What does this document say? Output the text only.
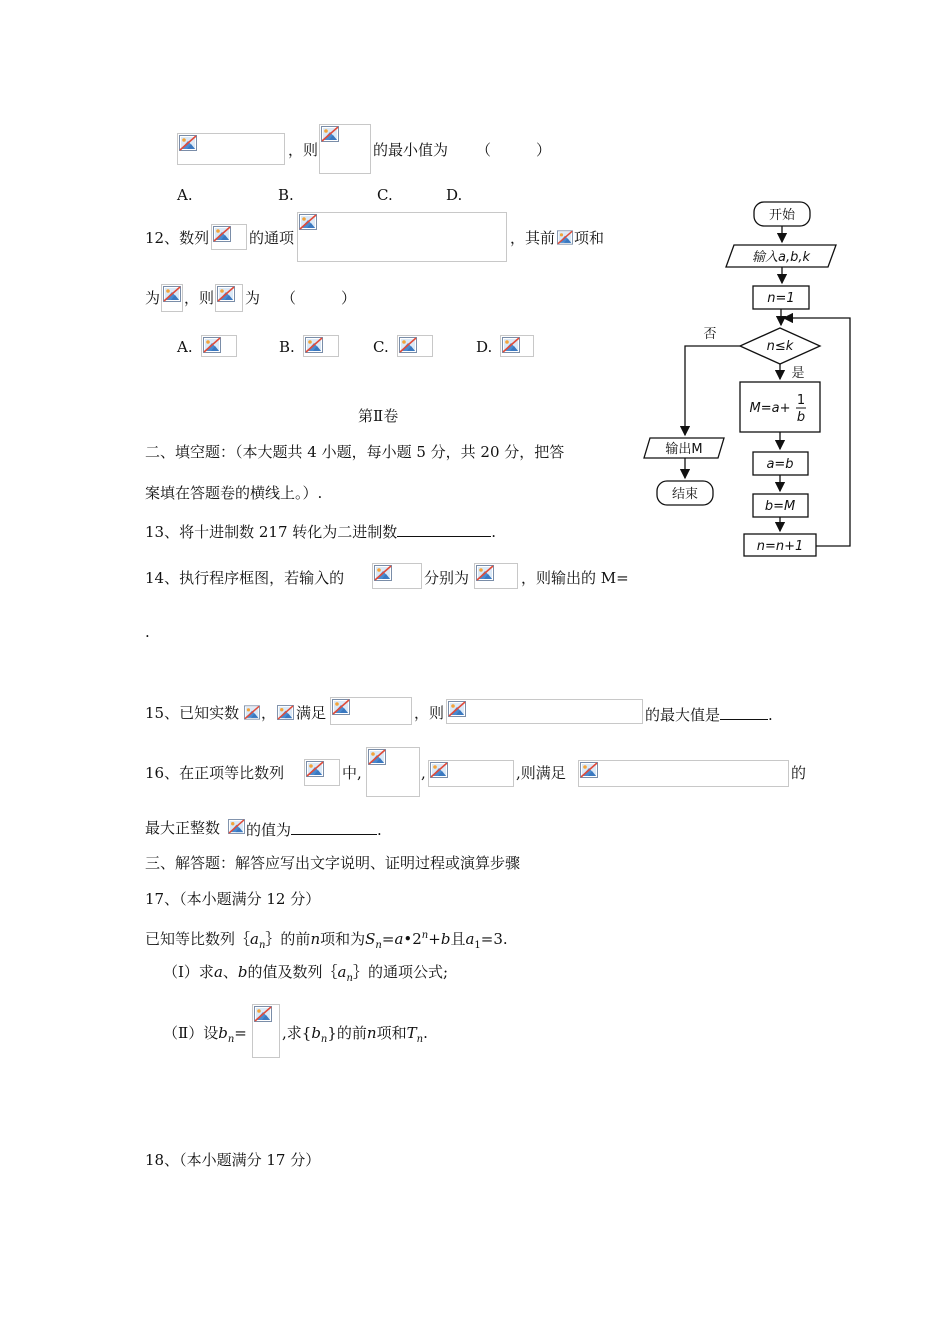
，则	的最小值为 （　　　）
A.	B.	C.	D.
12、数列	的通项	，其前 项和
为 ，则 为 （　　　）
A.	B.	C.	D.
第Ⅱ卷
二、填空题：（本大题共 4 小题，每小题 5 分，共 20 分，把答
案填在答题卷的横线上。）.
13、将十进制数 217 转化为二进制数	.
14、执行程序框图，若输入的	分别为	，则输出的 M=
.
15、已知实数 ， 满足	，则	的最大值是	.
16、在正项等比数列	中,	,	,则满足	的
最大正整数 的值为	.
三、解答题：解答应写出文字说明、证明过程或演算步骤
17、（本小题满分 12 分）
已知等比数列$\{a_n\}$的前n项和为$S_n=a•2^n+b$且$a_1=3$.
（Ⅰ）求a、b的值及数列$\{a_n\}$的通项公式;
（Ⅱ）设$b_n=$ ,求$\{b_n\}$的前n项和$T_n$.
18、（本小题满分 17 分）
开始
输入a,b,k
n=1
n≤k
否
是
M=a+
1
b
输出M
结束
a=b
b=M
n=n+1
